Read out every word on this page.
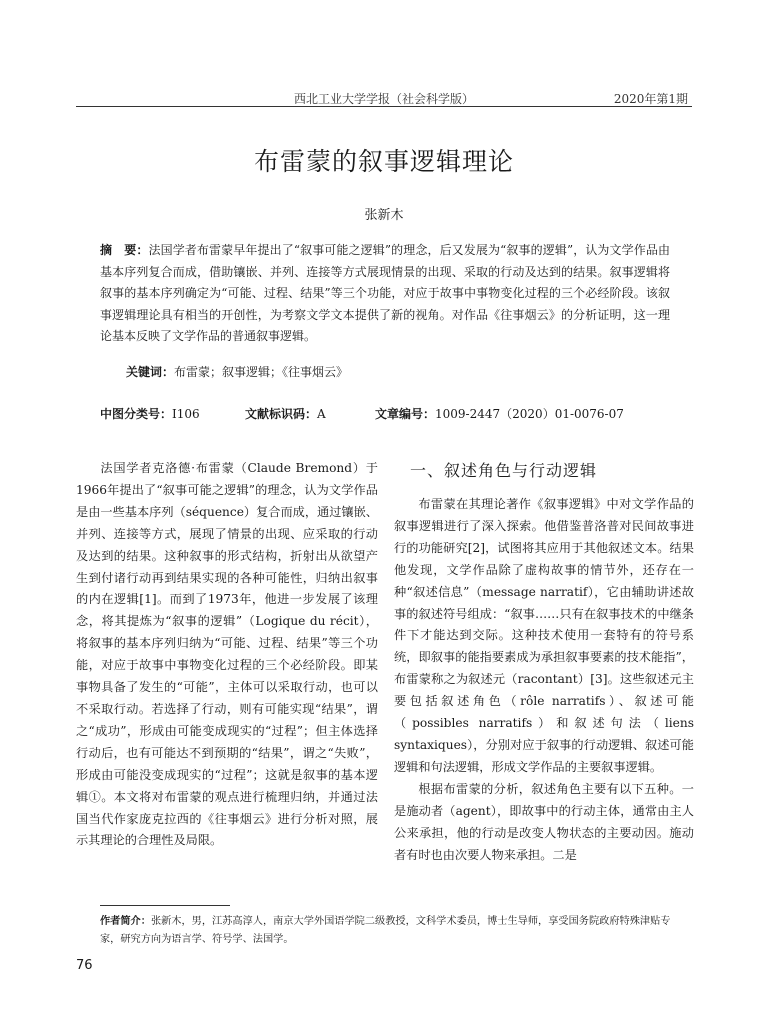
西北工业大学学报（社会科学版）	2020年第1期
布雷蒙的叙事逻辑理论
张新木
摘　要：法国学者布雷蒙早年提出了“叙事可能之逻辑”的理念，后又发展为“叙事的逻辑”，认为文学作品由基本序列复合而成，借助镶嵌、并列、连接等方式展现情景的出现、采取的行动及达到的结果。叙事逻辑将叙事的基本序列确定为“可能、过程、结果”等三个功能，对应于故事中事物变化过程的三个必经阶段。该叙事逻辑理论具有相当的开创性，为考察文学文本提供了新的视角。对作品《往事烟云》的分析证明，这一理论基本反映了文学作品的普通叙事逻辑。
关键词：布雷蒙；叙事逻辑；《往事烟云》
中图分类号：I106	文献标识码：A	文章编号：1009-2447（2020）01-0076-07

法国学者克洛德·布雷蒙（Claude Bremond）于1966年提出了“叙事可能之逻辑”的理念，认为文学作品是由一些基本序列（séquence）复合而成，通过镶嵌、并列、连接等方式，展现了情景的出现、应采取的行动及达到的结果。这种叙事的形式结构，折射出从欲望产生到付诸行动再到结果实现的各种可能性，归纳出叙事的内在逻辑[1]。而到了1973年，他进一步发展了该理念，将其提炼为“叙事的逻辑”（Logique du récit），将叙事的基本序列归纳为“可能、过程、结果”等三个功能，对应于故事中事物变化过程的三个必经阶段。即某事物具备了发生的“可能”，主体可以采取行动，也可以不采取行动。若选择了行动，则有可能实现“结果”，谓之“成功”，形成由可能变成现实的“过程”；但主体选择行动后，也有可能达不到预期的“结果”，谓之“失败”，形成由可能没变成现实的“过程”；这就是叙事的基本逻辑①。本文将对布雷蒙的观点进行梳理归纳，并通过法国当代作家庞克拉西的《往事烟云》进行分析对照，展示其理论的合理性及局限。

一、叙述角色与行动逻辑

布雷蒙在其理论著作《叙事逻辑》中对文学作品的叙事逻辑进行了深入探索。他借鉴普洛普对民间故事进行的功能研究[2]，试图将其应用于其他叙述文本。结果他发现，文学作品除了虚构故事的情节外，还存在一种“叙述信息”（message narratif），它由辅助讲述故事的叙述符号组成：“叙事……只有在叙事技术的中继条件下才能达到交际。这种技术使用一套特有的符号系统，即叙事的能指要素成为承担叙事要素的技术能指”，布雷蒙称之为叙述元（racontant）[3]。这些叙述元主要包括叙述角色（rôle narratifs）、叙述可能（possibles narratifs）和叙述句法（liens syntaxiques），分别对应于叙事的行动逻辑、叙述可能逻辑和句法逻辑，形成文学作品的主要叙事逻辑。

根据布雷蒙的分析，叙述角色主要有以下五种。一是施动者（agent），即故事中的行动主体，通常由主人公来承担，他的行动是改变人物状态的主要动因。施动者有时也由次要人物来承担。二是

作者简介：张新木，男，江苏高淳人，南京大学外国语学院二级教授，文科学术委员，博士生导师，享受国务院政府特殊津贴专家，研究方向为语言学、符号学、法国学。
76
